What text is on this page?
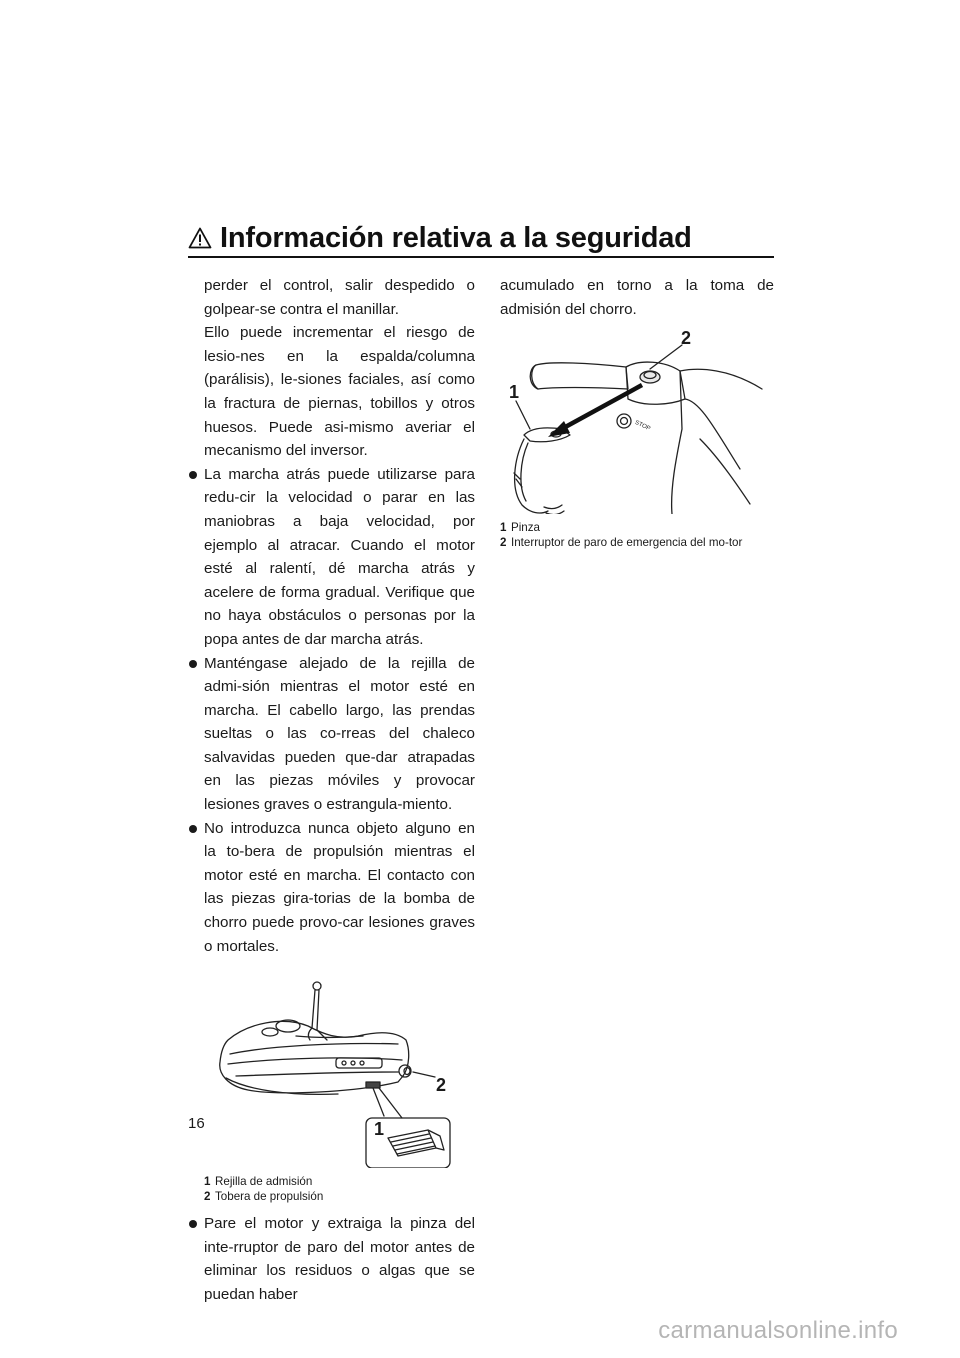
Información relativa a la seguridad

perder el control, salir despedido o golpear-se contra el manillar.

Ello puede incrementar el riesgo de lesio-nes en la espalda/columna (parálisis), le-siones faciales, así como la fractura de piernas, tobillos y otros huesos. Puede asi-mismo averiar el mecanismo del inversor.

La marcha atrás puede utilizarse para redu-cir la velocidad o parar en las maniobras a baja velocidad, por ejemplo al atracar. Cuando el motor esté al ralentí, dé marcha atrás y acelere de forma gradual. Verifique que no haya obstáculos o personas por la popa antes de dar marcha atrás.
Manténgase alejado de la rejilla de admi-sión mientras el motor esté en marcha. El cabello largo, las prendas sueltas o las co-rreas del chaleco salvavidas pueden que-dar atrapadas en las piezas móviles y provocar lesiones graves o estrangula-miento.
No introduzca nunca objeto alguno en la to-bera de propulsión mientras el motor esté en marcha. El contacto con las piezas gira-torias de la bomba de chorro puede provo-car lesiones graves o mortales.
2
1
1 Rejilla de admisión
2 Tobera de propulsión
Pare el motor y extraiga la pinza del inte-rruptor de paro del motor antes de eliminar los residuos o algas que se puedan haber

acumulado en torno a la toma de admisión del chorro.

STOP
2
1
1 Pinza
2 Interruptor de paro de emergencia del mo-tor
16
carmanualsonline.info
